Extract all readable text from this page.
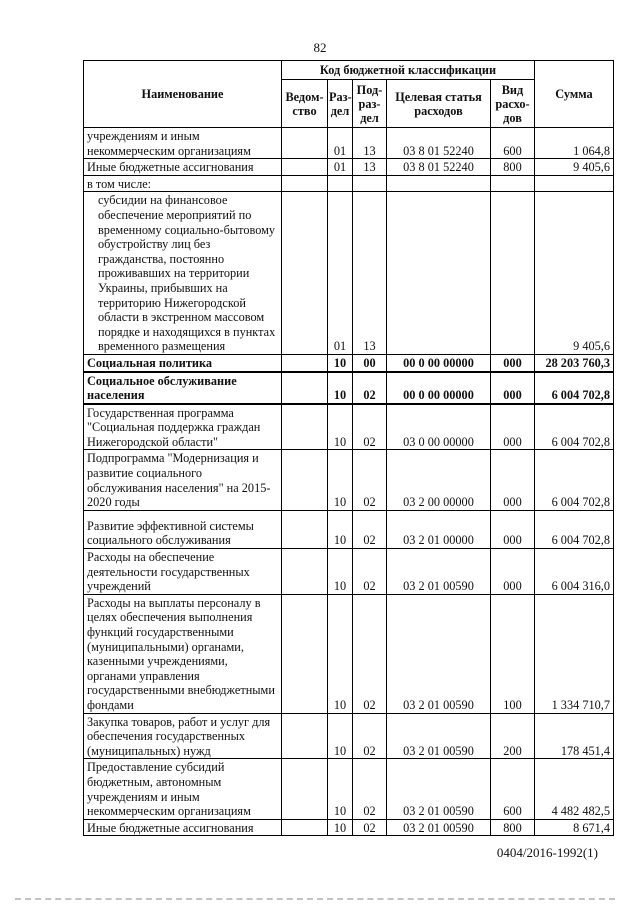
82
Наименование	Код бюджетной классификации					Сумма
	Ведом-ство	Раз-дел	Под-раз-дел	Целевая статья расходов	Вид расхо-дов	
учреждениям и иным некоммерческим организациям		01	13	03 8 01 52240	600	1 064,8
Иные бюджетные ассигнования		01	13	03 8 01 52240	800	9 405,6
в том числе:						
субсидии на финансовое обеспечение мероприятий по временному социально-бытовому обустройству лиц без гражданства, постоянно проживавших на территории Украины, прибывших на территорию Нижегородской области в экстренном массовом порядке и находящихся в пунктах временного размещения		01	13			9 405,6
Социальная политика		10	00	00 0 00 00000	000	28 203 760,3
Социальное обслуживание населения		10	02	00 0 00 00000	000	6 004 702,8
Государственная программа "Социальная поддержка граждан Нижегородской области"		10	02	03 0 00 00000	000	6 004 702,8
Подпрограмма "Модернизация и развитие социального обслуживания населения" на 2015-2020 годы		10	02	03 2 00 00000	000	6 004 702,8
Развитие эффективной системы социального обслуживания		10	02	03 2 01 00000	000	6 004 702,8
Расходы на обеспечение деятельности государственных учреждений		10	02	03 2 01 00590	000	6 004 316,0
Расходы на выплаты персоналу в целях обеспечения выполнения функций государственными (муниципальными) органами, казенными учреждениями, органами управления государственными внебюджетными фондами		10	02	03 2 01 00590	100	1 334 710,7
Закупка товаров, работ и услуг для обеспечения государственных (муниципальных) нужд		10	02	03 2 01 00590	200	178 451,4
Предоставление субсидий бюджетным, автономным учреждениям и иным некоммерческим организациям		10	02	03 2 01 00590	600	4 482 482,5
Иные бюджетные ассигнования		10	02	03 2 01 00590	800	8 671,4
0404/2016-1992(1)
